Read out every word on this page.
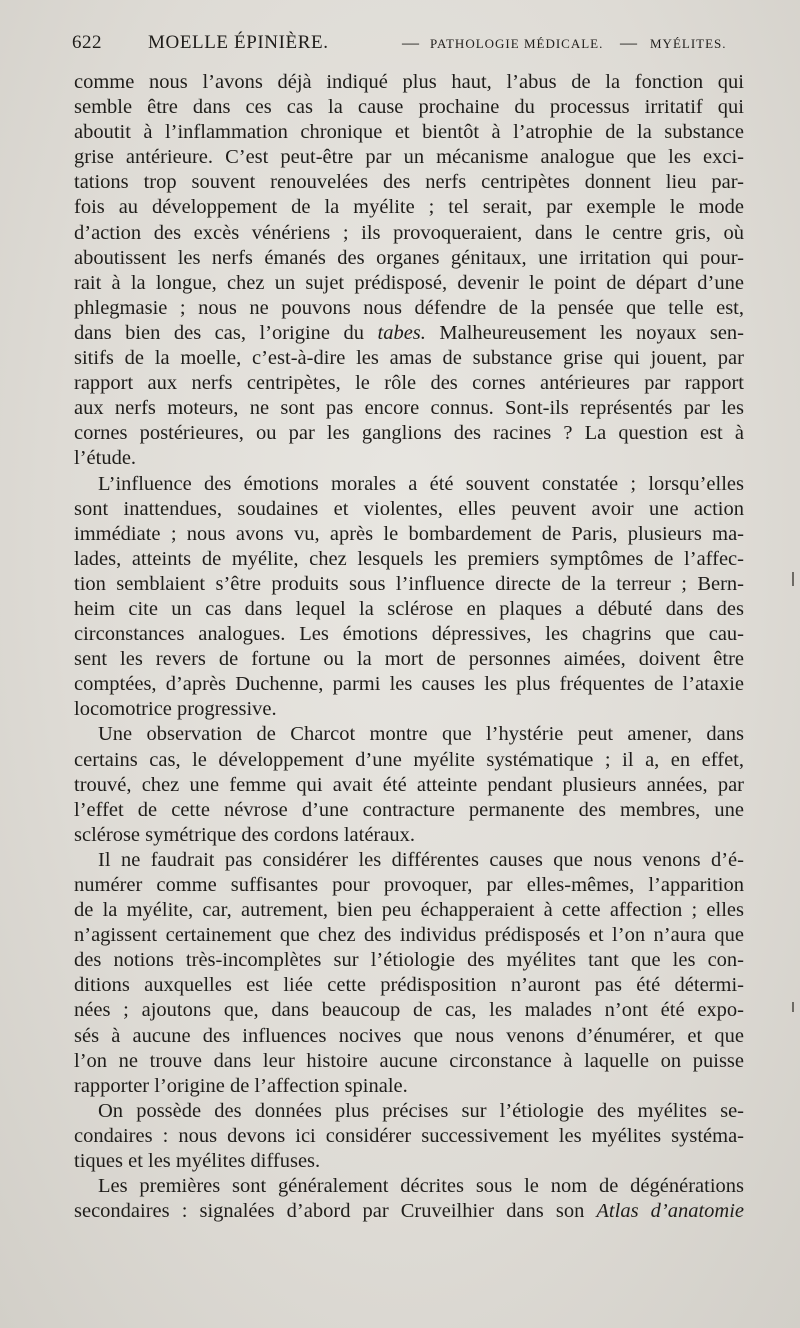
622 MOELLE ÉPINIÈRE.	— PATHOLOGIE MÉDICALE. — MYÉLITES.
comme nous l’avons déjà indiqué plus haut, l’abus de la fonction qui
semble être dans ces cas la cause prochaine du processus irritatif qui
aboutit à l’inflammation chronique et bientôt à l’atrophie de la substance
grise antérieure. C’est peut-être par un mécanisme analogue que les exci-
tations trop souvent renouvelées des nerfs centripètes donnent lieu par-
fois au développement de la myélite ; tel serait, par exemple le mode
d’action des excès vénériens ; ils provoqueraient, dans le centre gris, où
aboutissent les nerfs émanés des organes génitaux, une irritation qui pour-
rait à la longue, chez un sujet prédisposé, devenir le point de départ d’une
phlegmasie ; nous ne pouvons nous défendre de la pensée que telle est,
dans bien des cas, l’origine du tabes. Malheureusement les noyaux sen-
sitifs de la moelle, c’est-à-dire les amas de substance grise qui jouent, par
rapport aux nerfs centripètes, le rôle des cornes antérieures par rapport
aux nerfs moteurs, ne sont pas encore connus. Sont-ils représentés par les
cornes postérieures, ou par les ganglions des racines ? La question est à
l’étude.
L’influence des émotions morales a été souvent constatée ; lorsqu’elles
sont inattendues, soudaines et violentes, elles peuvent avoir une action
immédiate ; nous avons vu, après le bombardement de Paris, plusieurs ma-
lades, atteints de myélite, chez lesquels les premiers symptômes de l’affec-
tion semblaient s’être produits sous l’influence directe de la terreur ; Bern-
heim cite un cas dans lequel la sclérose en plaques a débuté dans des
circonstances analogues. Les émotions dépressives, les chagrins que cau-
sent les revers de fortune ou la mort de personnes aimées, doivent être
comptées, d’après Duchenne, parmi les causes les plus fréquentes de l’ataxie
locomotrice progressive.
Une observation de Charcot montre que l’hystérie peut amener, dans
certains cas, le développement d’une myélite systématique ; il a, en effet,
trouvé, chez une femme qui avait été atteinte pendant plusieurs années, par
l’effet de cette névrose d’une contracture permanente des membres, une
sclérose symétrique des cordons latéraux.
Il ne faudrait pas considérer les différentes causes que nous venons d’é-
numérer comme suffisantes pour provoquer, par elles-mêmes, l’apparition
de la myélite, car, autrement, bien peu échapperaient à cette affection ; elles
n’agissent certainement que chez des individus prédisposés et l’on n’aura que
des notions très-incomplètes sur l’étiologie des myélites tant que les con-
ditions auxquelles est liée cette prédisposition n’auront pas été détermi-
nées ; ajoutons que, dans beaucoup de cas, les malades n’ont été expo-
sés à aucune des influences nocives que nous venons d’énumérer, et que
l’on ne trouve dans leur histoire aucune circonstance à laquelle on puisse
rapporter l’origine de l’affection spinale.
On possède des données plus précises sur l’étiologie des myélites se-
condaires : nous devons ici considérer successivement les myélites systéma-
tiques et les myélites diffuses.
Les premières sont généralement décrites sous le nom de dégénérations
secondaires : signalées d’abord par Cruveilhier dans son Atlas d’anatomie
